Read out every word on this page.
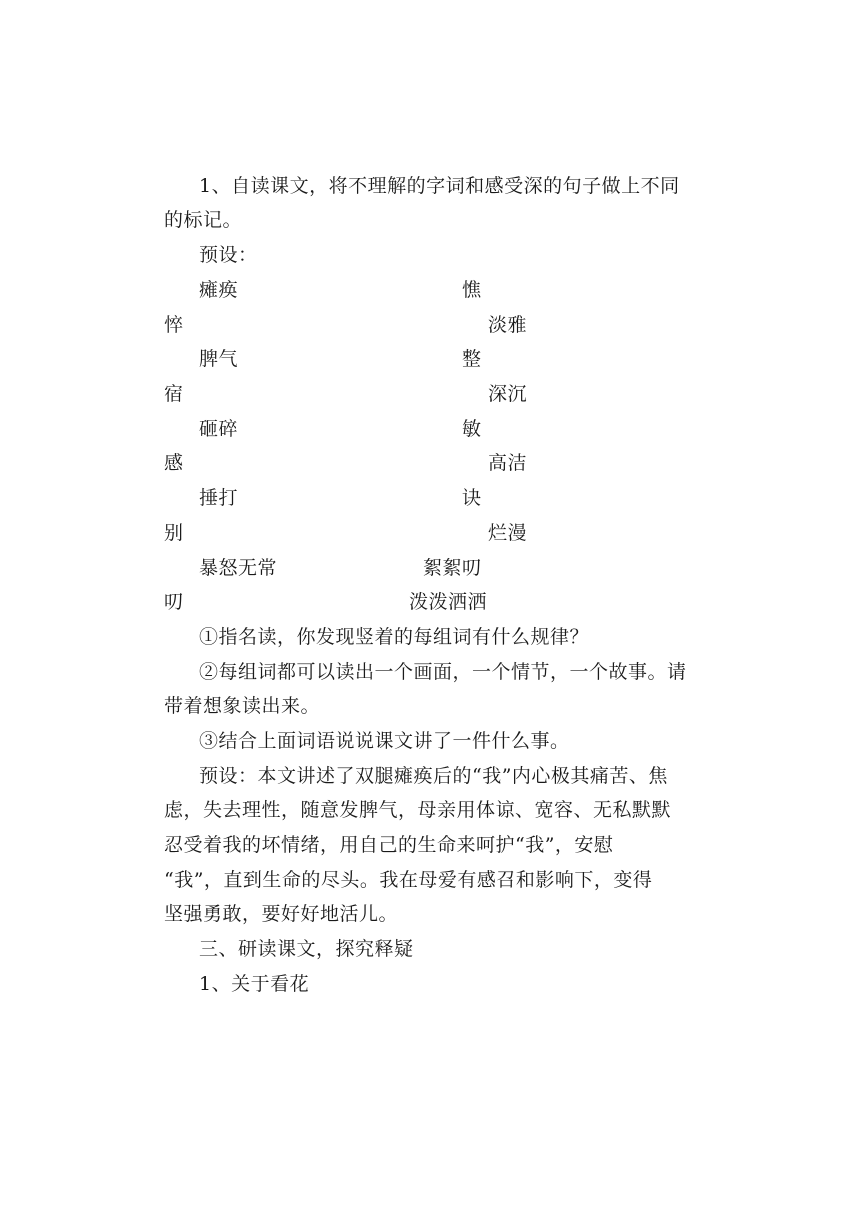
1、自读课文，将不理解的字词和感受深的句子做上不同
的标记。
预设：
瘫痪	憔
悴	淡雅
脾气	整
宿	深沉
砸碎	敏
感	高洁
捶打	诀
别	烂漫
暴怒无常	絮絮叨
叨	泼泼洒洒
①指名读，你发现竖着的每组词有什么规律？
②每组词都可以读出一个画面，一个情节，一个故事。请
带着想象读出来。
③结合上面词语说说课文讲了一件什么事。
预设：本文讲述了双腿瘫痪后的“我”内心极其痛苦、焦
虑，失去理性，随意发脾气，母亲用体谅、宽容、无私默默
忍受着我的坏情绪，用自己的生命来呵护“我”，安慰
“我”，直到生命的尽头。我在母爱有感召和影响下，变得
坚强勇敢，要好好地活儿。
三、研读课文，探究释疑
1、关于看花
